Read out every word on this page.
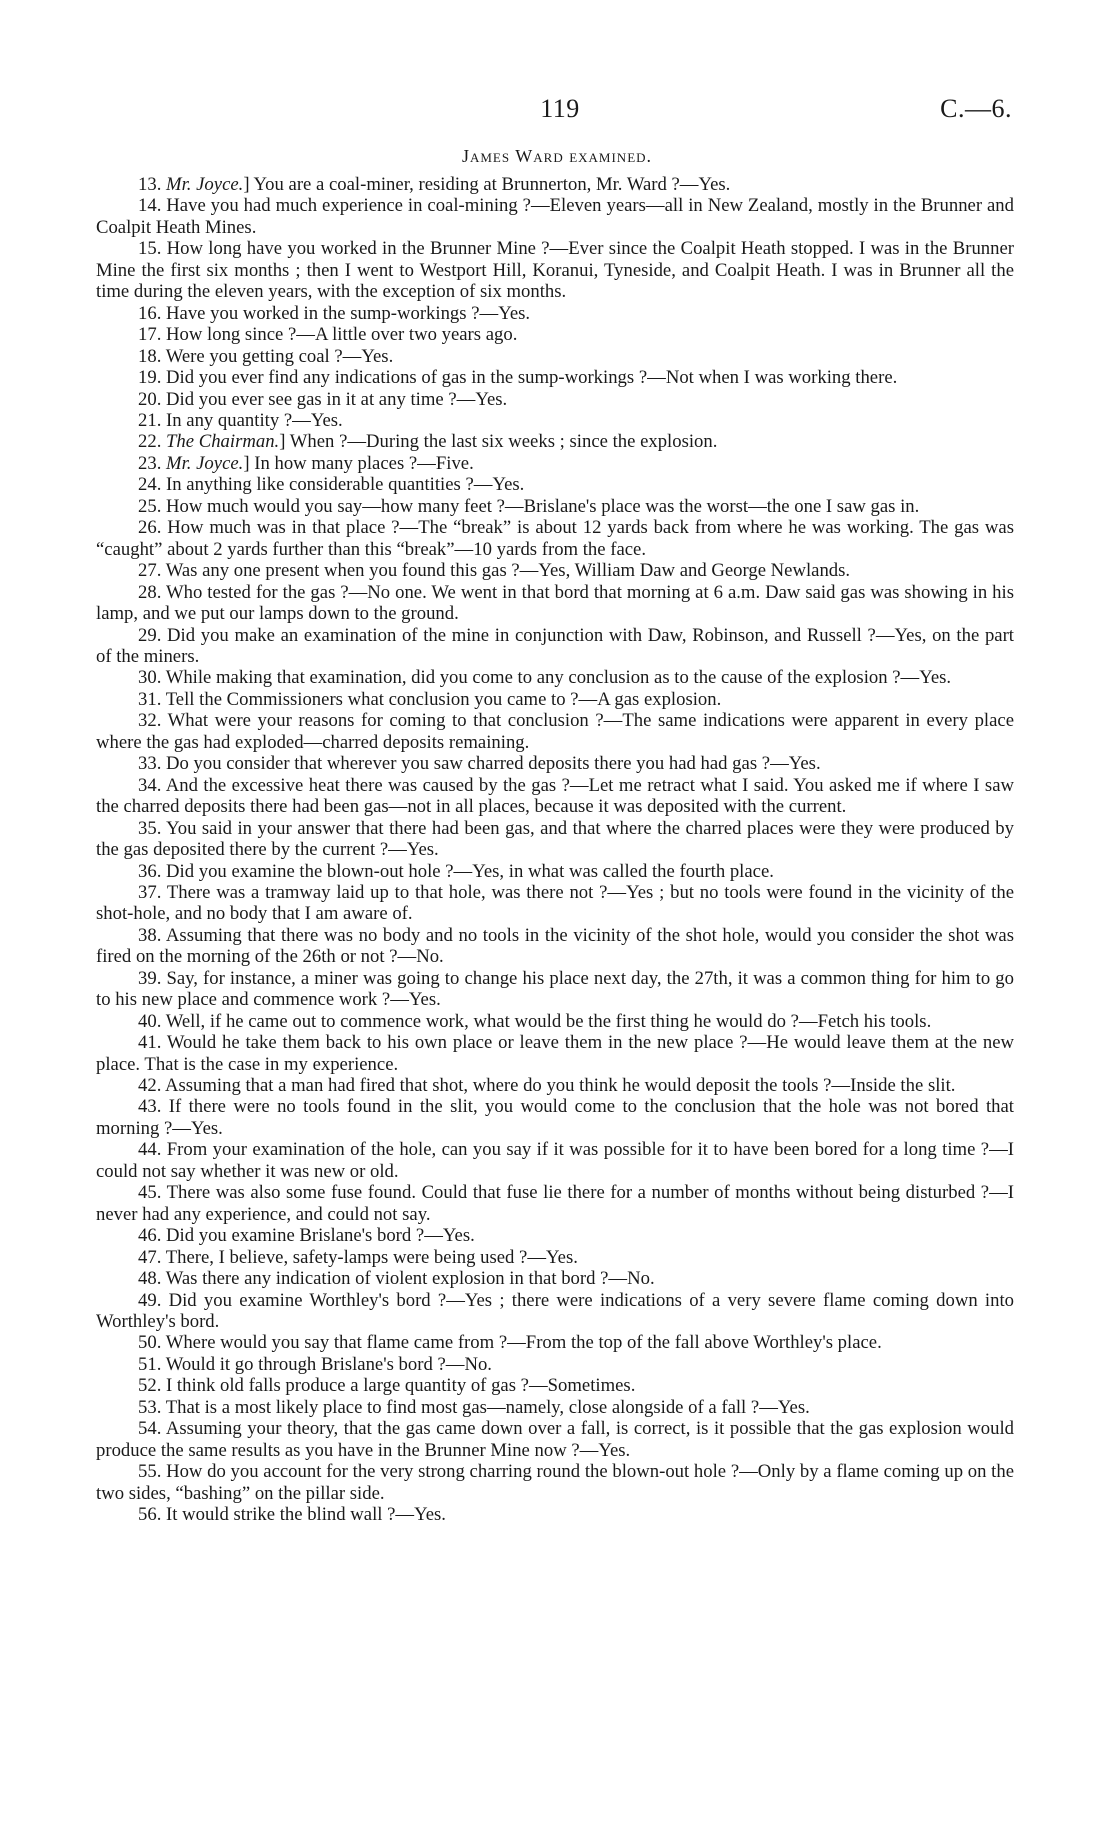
119	C.—6.
James Ward examined.

13. Mr. Joyce.] You are a coal-miner, residing at Brunnerton, Mr. Ward ?—Yes.

14. Have you had much experience in coal-mining ?—Eleven years—all in New Zealand, mostly in the Brunner and Coalpit Heath Mines.

15. How long have you worked in the Brunner Mine ?—Ever since the Coalpit Heath stopped. I was in the Brunner Mine the first six months ; then I went to Westport Hill, Koranui, Tyneside, and Coalpit Heath. I was in Brunner all the time during the eleven years, with the exception of six months.

16. Have you worked in the sump-workings ?—Yes.

17. How long since ?—A little over two years ago.

18. Were you getting coal ?—Yes.

19. Did you ever find any indications of gas in the sump-workings ?—Not when I was working there.

20. Did you ever see gas in it at any time ?—Yes.

21. In any quantity ?—Yes.

22. The Chairman.] When ?—During the last six weeks ; since the explosion.

23. Mr. Joyce.] In how many places ?—Five.

24. In anything like considerable quantities ?—Yes.

25. How much would you say—how many feet ?—Brislane's place was the worst—the one I saw gas in.

26. How much was in that place ?—The “break” is about 12 yards back from where he was working. The gas was “caught” about 2 yards further than this “break”—10 yards from the face.

27. Was any one present when you found this gas ?—Yes, William Daw and George Newlands.

28. Who tested for the gas ?—No one. We went in that bord that morning at 6 a.m. Daw said gas was showing in his lamp, and we put our lamps down to the ground.

29. Did you make an examination of the mine in conjunction with Daw, Robinson, and Russell ?—Yes, on the part of the miners.

30. While making that examination, did you come to any conclusion as to the cause of the explosion ?—Yes.

31. Tell the Commissioners what conclusion you came to ?—A gas explosion.

32. What were your reasons for coming to that conclusion ?—The same indications were apparent in every place where the gas had exploded—charred deposits remaining.

33. Do you consider that wherever you saw charred deposits there you had had gas ?—Yes.

34. And the excessive heat there was caused by the gas ?—Let me retract what I said. You asked me if where I saw the charred deposits there had been gas—not in all places, because it was deposited with the current.

35. You said in your answer that there had been gas, and that where the charred places were they were produced by the gas deposited there by the current ?—Yes.

36. Did you examine the blown-out hole ?—Yes, in what was called the fourth place.

37. There was a tramway laid up to that hole, was there not ?—Yes ; but no tools were found in the vicinity of the shot-hole, and no body that I am aware of.

38. Assuming that there was no body and no tools in the vicinity of the shot hole, would you consider the shot was fired on the morning of the 26th or not ?—No.

39. Say, for instance, a miner was going to change his place next day, the 27th, it was a common thing for him to go to his new place and commence work ?—Yes.

40. Well, if he came out to commence work, what would be the first thing he would do ?—Fetch his tools.

41. Would he take them back to his own place or leave them in the new place ?—He would leave them at the new place. That is the case in my experience.

42. Assuming that a man had fired that shot, where do you think he would deposit the tools ?—Inside the slit.

43. If there were no tools found in the slit, you would come to the conclusion that the hole was not bored that morning ?—Yes.

44. From your examination of the hole, can you say if it was possible for it to have been bored for a long time ?—I could not say whether it was new or old.

45. There was also some fuse found. Could that fuse lie there for a number of months without being disturbed ?—I never had any experience, and could not say.

46. Did you examine Brislane's bord ?—Yes.

47. There, I believe, safety-lamps were being used ?—Yes.

48. Was there any indication of violent explosion in that bord ?—No.

49. Did you examine Worthley's bord ?—Yes ; there were indications of a very severe flame coming down into Worthley's bord.

50. Where would you say that flame came from ?—From the top of the fall above Worthley's place.

51. Would it go through Brislane's bord ?—No.

52. I think old falls produce a large quantity of gas ?—Sometimes.

53. That is a most likely place to find most gas—namely, close alongside of a fall ?—Yes.

54. Assuming your theory, that the gas came down over a fall, is correct, is it possible that the gas explosion would produce the same results as you have in the Brunner Mine now ?—Yes.

55. How do you account for the very strong charring round the blown-out hole ?—Only by a flame coming up on the two sides, “bashing” on the pillar side.

56. It would strike the blind wall ?—Yes.
